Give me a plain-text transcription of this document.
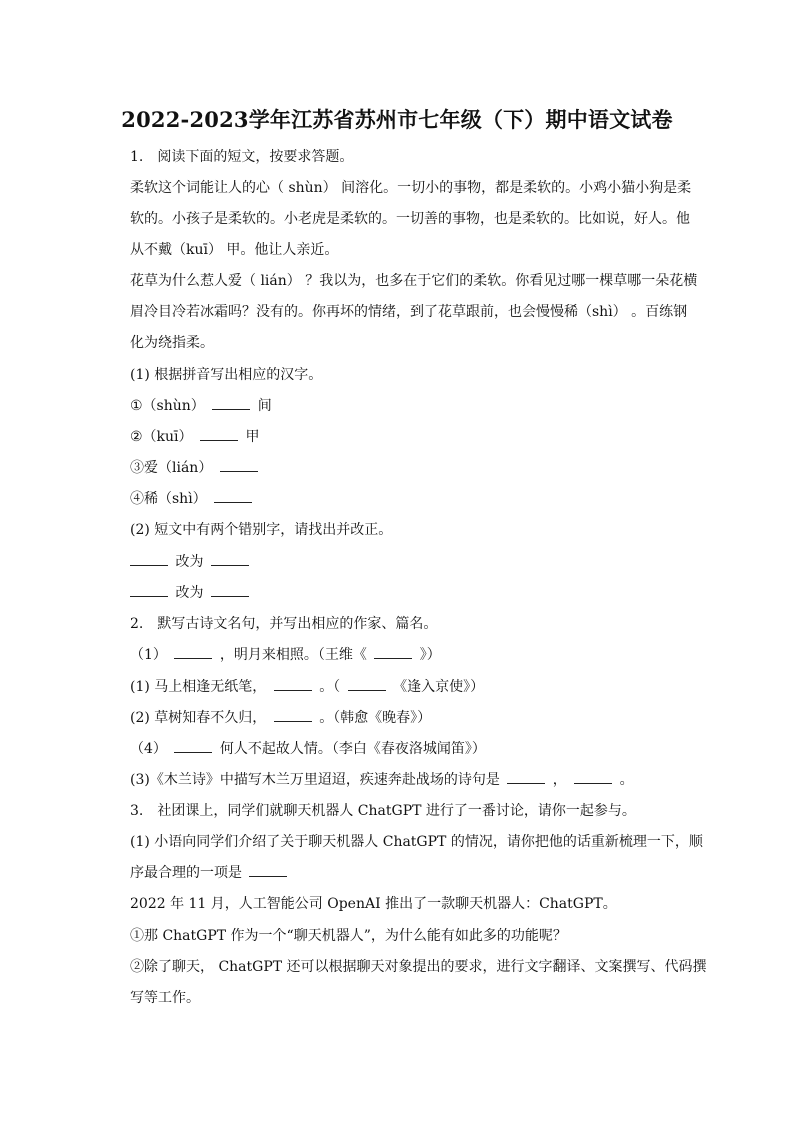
2022-2023学年江苏省苏州市七年级（下）期中语文试卷
1.　阅读下面的短文，按要求答题。
柔软这个词能让人的心（ shùn） 间溶化。一切小的事物，都是柔软的。小鸡小猫小狗是柔
软的。小孩子是柔软的。小老虎是柔软的。一切善的事物，也是柔软的。比如说，好人。他
从不戴（kuī） 甲。他让人亲近。
花草为什么惹人爱（ lián） ？我以为，也多在于它们的柔软。你看见过哪一棵草哪一朵花横
眉冷目冷若冰霜吗？没有的。你再坏的情绪，到了花草跟前，也会慢慢稀（shì） 。百练钢
化为绕指柔。
(1) 根据拼音写出相应的汉字。
①（shùn）	间
②（kuī）	甲
③爱（lián）
④稀（shì）
(2) 短文中有两个错别字，请找出并改正。
改为
改为
2.　默写古诗文名句，并写出相应的作家、篇名。
（1）	，明月来相照。（王维《	》）
(1) 马上相逢无纸笔，	。（	《逢入京使》）
(2) 草树知春不久归，	。（韩愈《晚春》）
（4）	何人不起故人情。（李白《春夜洛城闻笛》）
(3)《木兰诗》中描写木兰万里迢迢，疾速奔赴战场的诗句是	，	。
3.　社团课上，同学们就聊天机器人 ChatGPT 进行了一番讨论，请你一起参与。
(1) 小语向同学们介绍了关于聊天机器人 ChatGPT 的情况，请你把他的话重新梳理一下，顺
序最合理的一项是
2022 年 11 月，人工智能公司 OpenAI 推出了一款聊天机器人：ChatGPT。
①那 ChatGPT 作为一个“聊天机器人”，为什么能有如此多的功能呢？
②除了聊天， ChatGPT 还可以根据聊天对象提出的要求，进行文字翻译、文案撰写、代码撰
写等工作。
